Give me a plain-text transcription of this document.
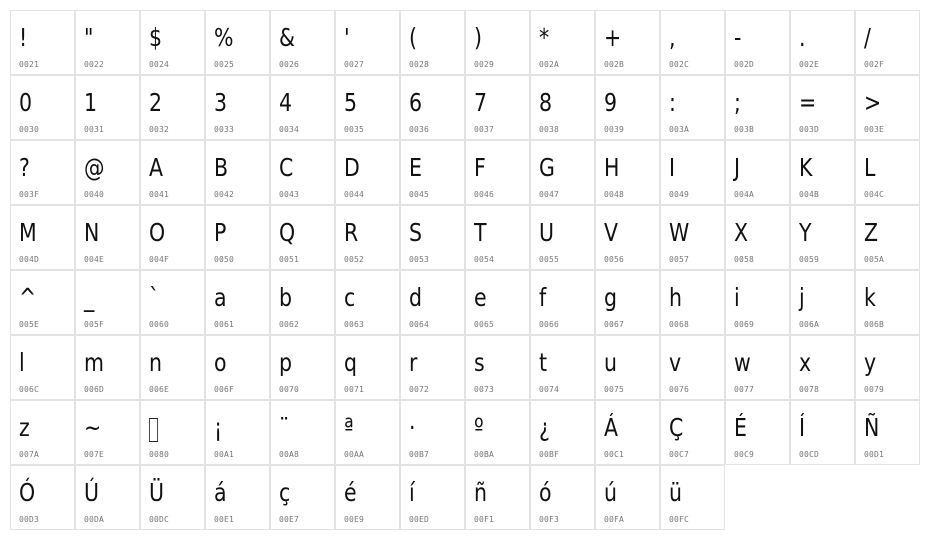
!
0021
"
0022
$
0024
%
0025
&
0026
'
0027
(
0028
)
0029
*
002A
+
002B
,
002C
-
002D
.
002E
/
002F
0
0030
1
0031
2
0032
3
0033
4
0034
5
0035
6
0036
7
0037
8
0038
9
0039
:
003A
;
003B
=
003D
>
003E
?
003F
@
0040
A
0041
B
0042
C
0043
D
0044
E
0045
F
0046
G
0047
H
0048
I
0049
J
004A
K
004B
L
004C
M
004D
N
004E
O
004F
P
0050
Q
0051
R
0052
S
0053
T
0054
U
0055
V
0056
W
0057
X
0058
Y
0059
Z
005A
^
005E
_
005F
`
0060
a
0061
b
0062
c
0063
d
0064
e
0065
f
0066
g
0067
h
0068
i
0069
j
006A
k
006B
l
006C
m
006D
n
006E
o
006F
p
0070
q
0071
r
0072
s
0073
t
0074
u
0075
v
0076
w
0077
x
0078
y
0079
z
007A
~
007E	0080
¡
00A1
¨
00A8
ª
00AA
·
00B7
º
00BA
¿
00BF
Á
00C1
Ç
00C7
É
00C9
Í
00CD
Ñ
00D1
Ó
00D3
Ú
00DA
Ü
00DC
á
00E1
ç
00E7
é
00E9
í
00ED
ñ
00F1
ó
00F3
ú
00FA
ü
00FC
